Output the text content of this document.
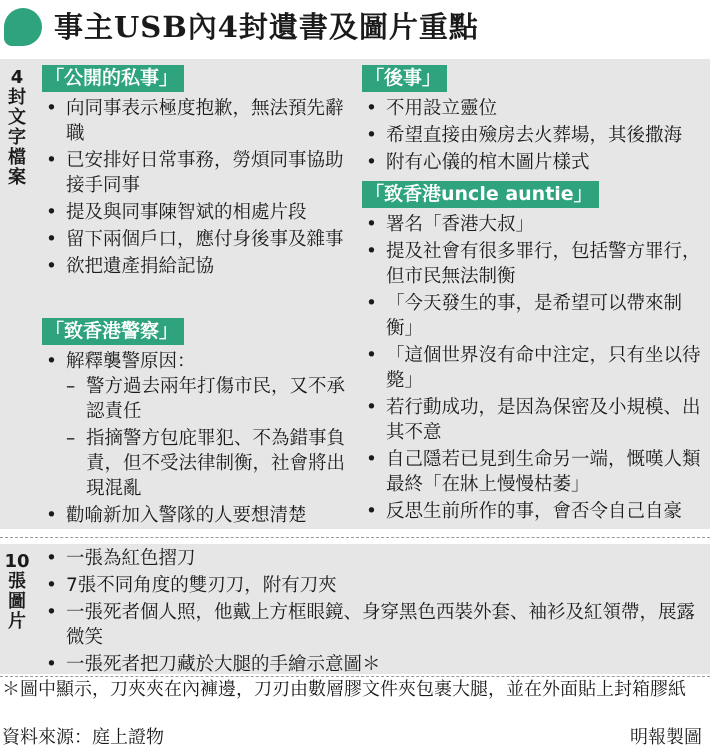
事主USB內4封遺書及圖片重點
4
封
文
字
檔
案
「公開的私事」
• 向同事表示極度抱歉，無法預先辭職
• 已安排好日常事務，勞煩同事協助接手同事
• 提及與同事陳智斌的相處片段
• 留下兩個戶口，應付身後事及雜事
• 欲把遺產捐給記協
「致香港警察」
• 解釋襲警原因：
– 警方過去兩年打傷市民，又不承認責任
– 指摘警方包庇罪犯、不為錯事負責，但不受法律制衡，社會將出現混亂
• 勸喻新加入警隊的人要想清楚
「後事」
• 不用設立靈位
• 希望直接由殮房去火葬場，其後撒海
• 附有心儀的棺木圖片樣式
「致香港uncle auntie」
• 署名「香港大叔」
• 提及社會有很多罪行，包括警方罪行，但市民無法制衡
• 「今天發生的事，是希望可以帶來制衡」
• 「這個世界沒有命中注定，只有坐以待斃」
• 若行動成功，是因為保密及小規模、出其不意
• 自己隱若已見到生命另一端，慨嘆人類最終「在牀上慢慢枯萎」
• 反思生前所作的事，會否令自己自豪
10
張
圖
片
• 一張為紅色摺刀
• 7張不同角度的雙刃刀，附有刀夾
• 一張死者個人照，他戴上方框眼鏡、身穿黑色西裝外套、袖衫及紅領帶，展露微笑
• 一張死者把刀藏於大腿的手繪示意圖＊
＊圖中顯示，刀夾夾在內褲邊，刀刃由數層膠文件夾包裹大腿，並在外面貼上封箱膠紙
資料來源：庭上證物	明報製圖
